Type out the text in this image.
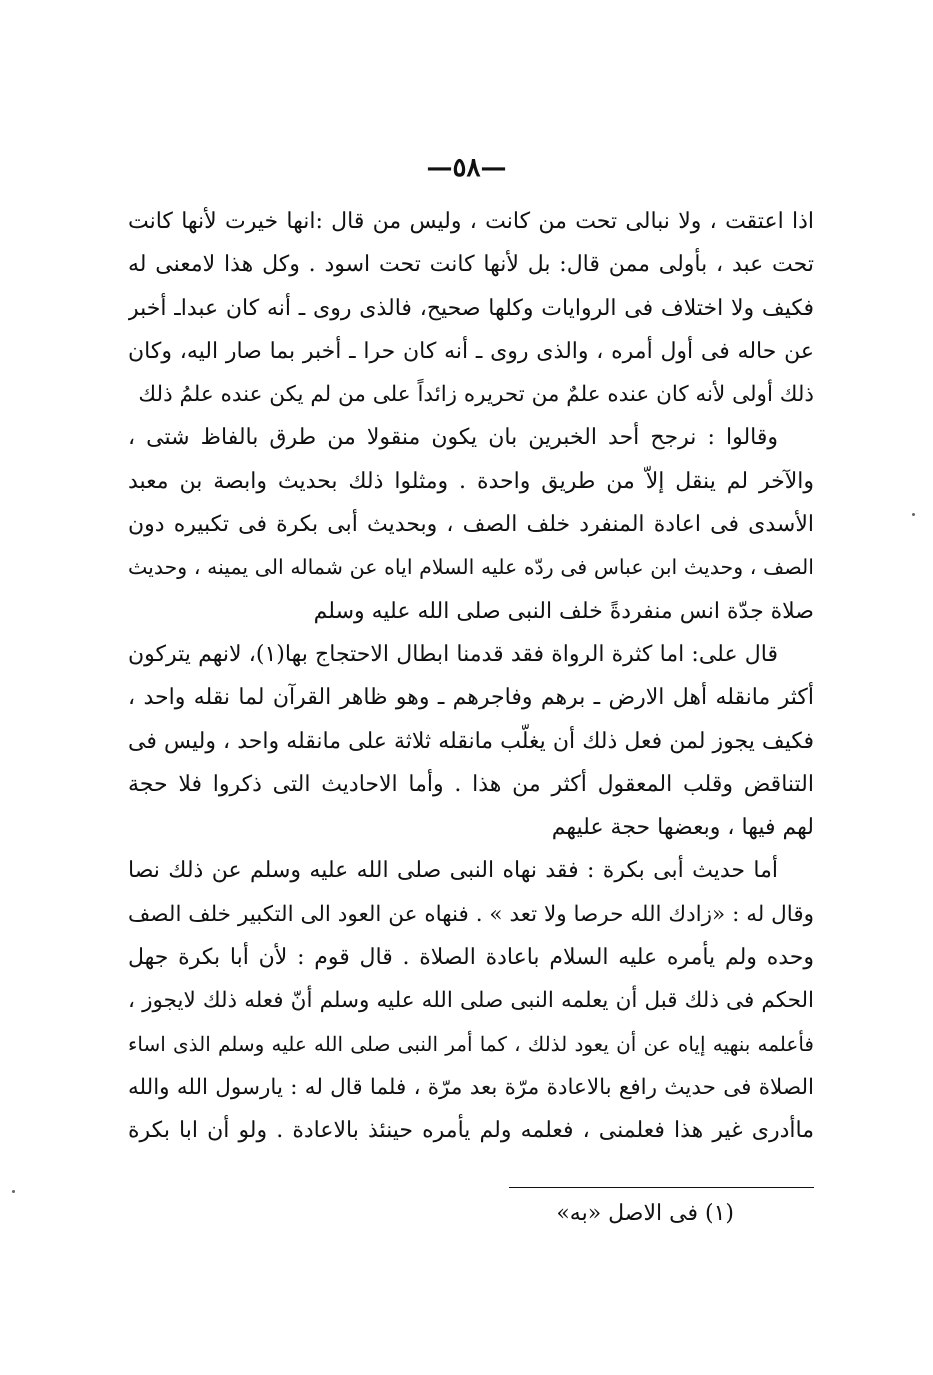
—٥٨—
اذا اعتقت ، ولا نبالى تحت من كانت ، وليس من قال :انها خيرت لأنها كانت
تحت عبد ، بأولى ممن قال: بل لأنها كانت تحت اسود . وكل هذا لامعنى له
فكيف ولا اختلاف فى الروايات وكلها صحيح، فالذى روى ـ أنه كان عبداـ أخبر
عن حاله فى أول أمره ، والذى روى ـ أنه كان حرا ـ أخبر بما صار اليه، وكان
ذلك أولى لأنه كان عنده علمٌ من تحريره زائداً على من لم يكن عنده علمُ ذلك
وقالوا : نرجح أحد الخبرين بان يكون منقولا من طرق بالفاظ شتى ،
والآخر لم ينقل إلاّ من طريق واحدة . ومثلوا ذلك بحديث وابصة بن معبد
الأسدى فى اعادة المنفرد خلف الصف ، وبحديث أبى بكرة فى تكبيره دون
الصف ، وحديث ابن عباس فى ردّه عليه السلام اياه عن شماله الى يمينه ، وحديث
صلاة جدّة انس منفردةً خلف النبى صلى الله عليه وسلم
قال على: اما كثرة الرواة فقد قدمنا ابطال الاحتجاج بها(١)، لانهم يتركون
أكثر مانقله أهل الارض ـ برهم وفاجرهم ـ وهو ظاهر القرآن لما نقله واحد ،
فكيف يجوز لمن فعل ذلك أن يغلّب مانقله ثلاثة على مانقله واحد ، وليس فى
التناقض وقلب المعقول أكثر من هذا . وأما الاحاديث التى ذكروا فلا حجة
لهم فيها ، وبعضها حجة عليهم
أما حديث أبى بكرة : فقد نهاه النبى صلى الله عليه وسلم عن ذلك نصا
وقال له : «زادك الله حرصا ولا تعد » . فنهاه عن العود الى التكبير خلف الصف
وحده ولم يأمره عليه السلام باعادة الصلاة . قال قوم : لأن أبا بكرة جهل
الحكم فى ذلك قبل أن يعلمه النبى صلى الله عليه وسلم أنّ فعله ذلك لايجوز ،
فأعلمه بنهيه إياه عن أن يعود لذلك ، كما أمر النبى صلى الله عليه وسلم الذى اساء
الصلاة فى حديث رافع بالاعادة مرّة بعد مرّة ، فلما قال له : يارسول الله والله
ماأدرى غير هذا فعلمنى ، فعلمه ولم يأمره حينئذ بالاعادة . ولو أن ابا بكرة
(١) فى الاصل «به»
